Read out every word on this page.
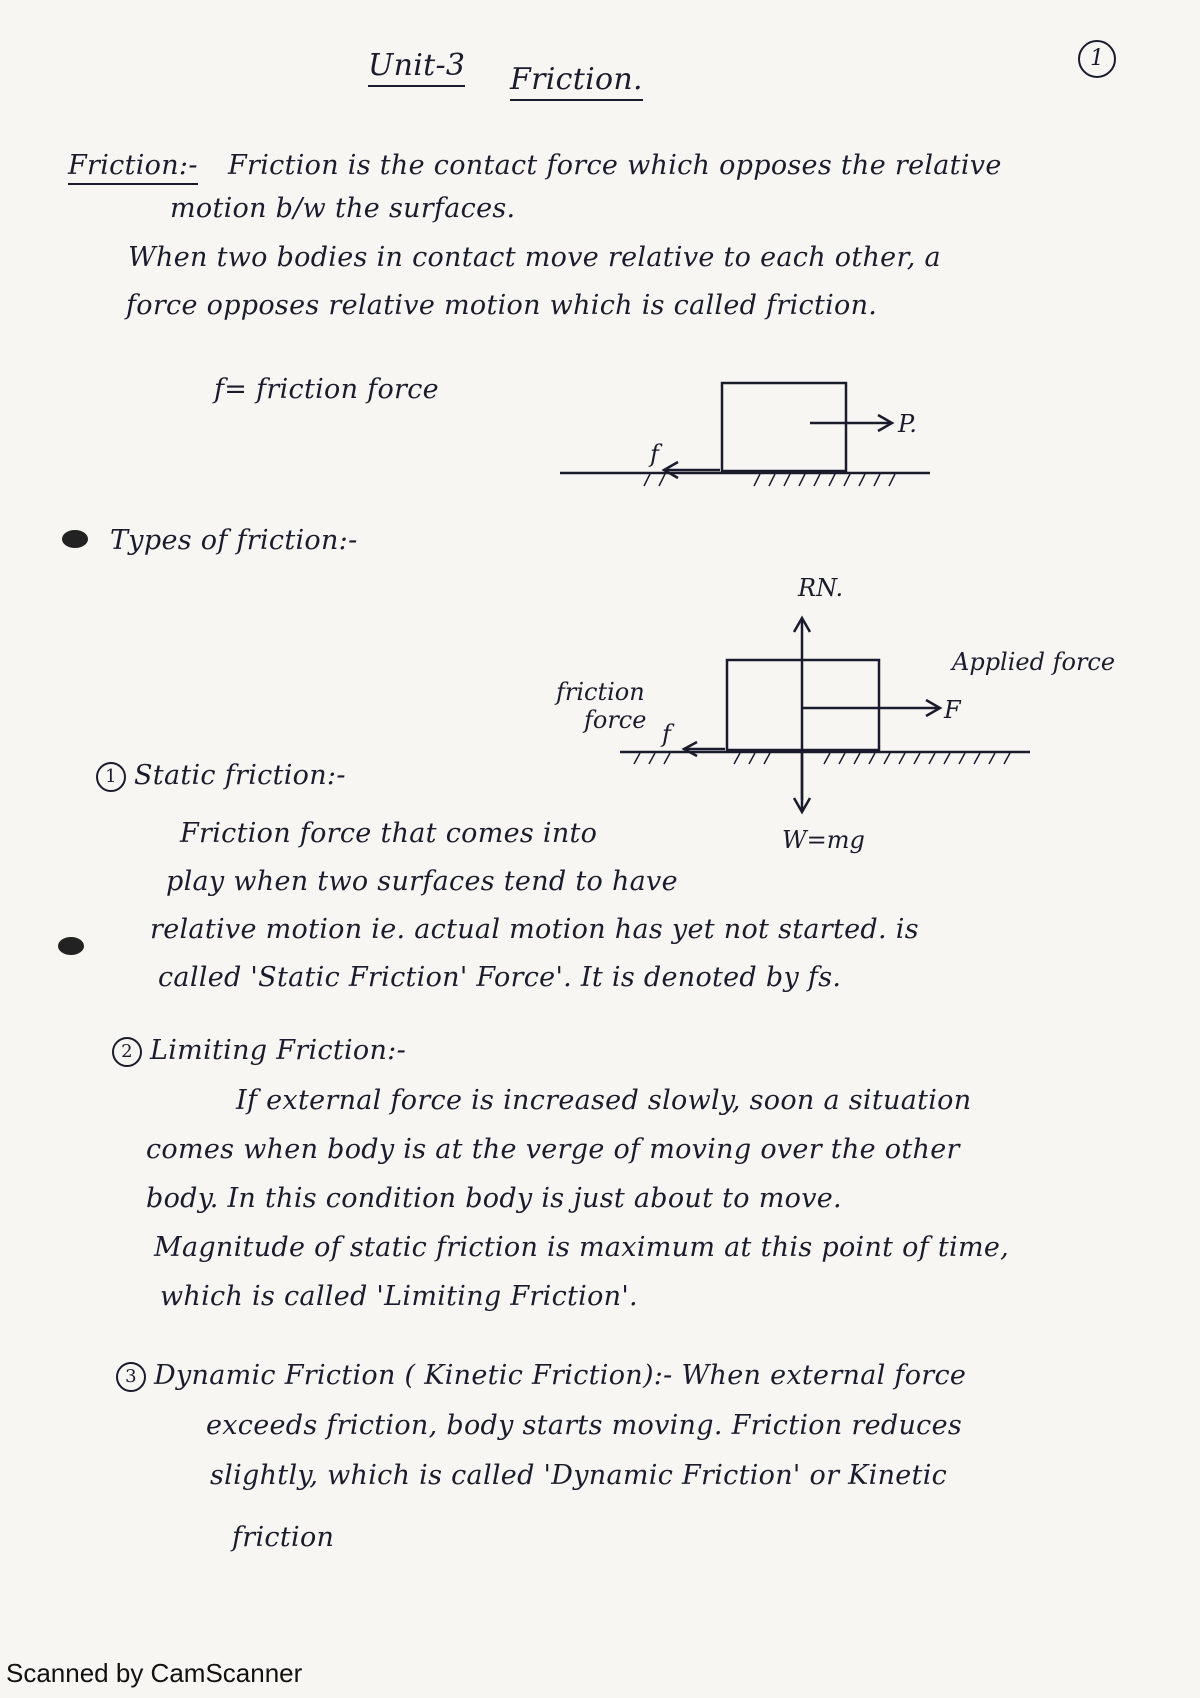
1
Unit-3 Friction.
Friction:- Friction is the contact force which opposes the relative
motion b/w the surfaces.
When two bodies in contact move relative to each other, a
force opposes relative motion which is called friction.
f= friction force
f
P.
Types of friction:-
RN.
Applied force
F
friction
force f
W=mg
1 Static friction:-
Friction force that comes into
play when two surfaces tend to have
relative motion ie. actual motion has yet not started. is
called 'Static Friction' Force'. It is denoted by fs.
2 Limiting Friction:-
If external force is increased slowly, soon a situation
comes when body is at the verge of moving over the other
body. In this condition body is just about to move.
Magnitude of static friction is maximum at this point of time,
which is called 'Limiting Friction'.
3 Dynamic Friction ( Kinetic Friction):- When external force
exceeds friction, body starts moving. Friction reduces
slightly, which is called 'Dynamic Friction' or Kinetic
friction
Scanned by CamScanner
